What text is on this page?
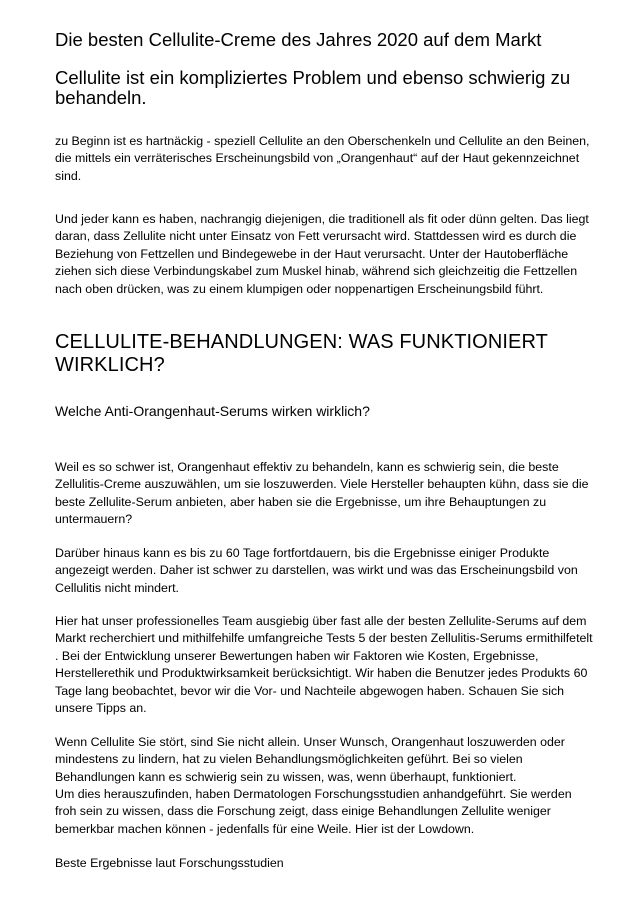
Die besten Cellulite-Creme des Jahres 2020 auf dem Markt
Cellulite ist ein kompliziertes Problem und ebenso schwierig zu behandeln.

zu Beginn ist es hartnäckig - speziell Cellulite an den Oberschenkeln und Cellulite an den Beinen, die mittels ein verräterisches Erscheinungsbild von „Orangenhaut“ auf der Haut gekennzeichnet sind.

Und jeder kann es haben, nachrangig diejenigen, die traditionell als fit oder dünn gelten. Das liegt daran, dass Zellulite nicht unter Einsatz von Fett verursacht wird. Stattdessen wird es durch die Beziehung von Fettzellen und Bindegewebe in der Haut verursacht. Unter der Hautoberfläche ziehen sich diese Verbindungskabel zum Muskel hinab, während sich gleichzeitig die Fettzellen nach oben drücken, was zu einem klumpigen oder noppenartigen Erscheinungsbild führt.

CELLULITE-BEHANDLUNGEN: WAS FUNKTIONIERT WIRKLICH?
Welche Anti-Orangenhaut-Serums wirken wirklich?

Weil es so schwer ist, Orangenhaut effektiv zu behandeln, kann es schwierig sein, die beste Zellulitis-Creme auszuwählen, um sie loszuwerden. Viele Hersteller behaupten kühn, dass sie die beste Zellulite-Serum anbieten, aber haben sie die Ergebnisse, um ihre Behauptungen zu untermauern?

Darüber hinaus kann es bis zu 60 Tage fortfortdauern, bis die Ergebnisse einiger Produkte angezeigt werden. Daher ist schwer zu darstellen, was wirkt und was das Erscheinungsbild von Cellulitis nicht mindert.

Hier hat unser professionelles Team ausgiebig über fast alle der besten Zellulite-Serums auf dem Markt recherchiert und mithilfehilfe umfangreiche Tests 5 der besten Zellulitis-Serums ermithilfetelt . Bei der Entwicklung unserer Bewertungen haben wir Faktoren wie Kosten, Ergebnisse, Herstellerethik und Produktwirksamkeit berücksichtigt. Wir haben die Benutzer jedes Produkts 60 Tage lang beobachtet, bevor wir die Vor- und Nachteile abgewogen haben. Schauen Sie sich unsere Tipps an.

Wenn Cellulite Sie stört, sind Sie nicht allein. Unser Wunsch, Orangenhaut loszuwerden oder mindestens zu lindern, hat zu vielen Behandlungsmöglichkeiten geführt. Bei so vielen Behandlungen kann es schwierig sein zu wissen, was, wenn überhaupt, funktioniert.

Um dies herauszufinden, haben Dermatologen Forschungsstudien anhandgeführt. Sie werden froh sein zu wissen, dass die Forschung zeigt, dass einige Behandlungen Zellulite weniger bemerkbar machen können - jedenfalls für eine Weile. Hier ist der Lowdown.

Beste Ergebnisse laut Forschungsstudien
